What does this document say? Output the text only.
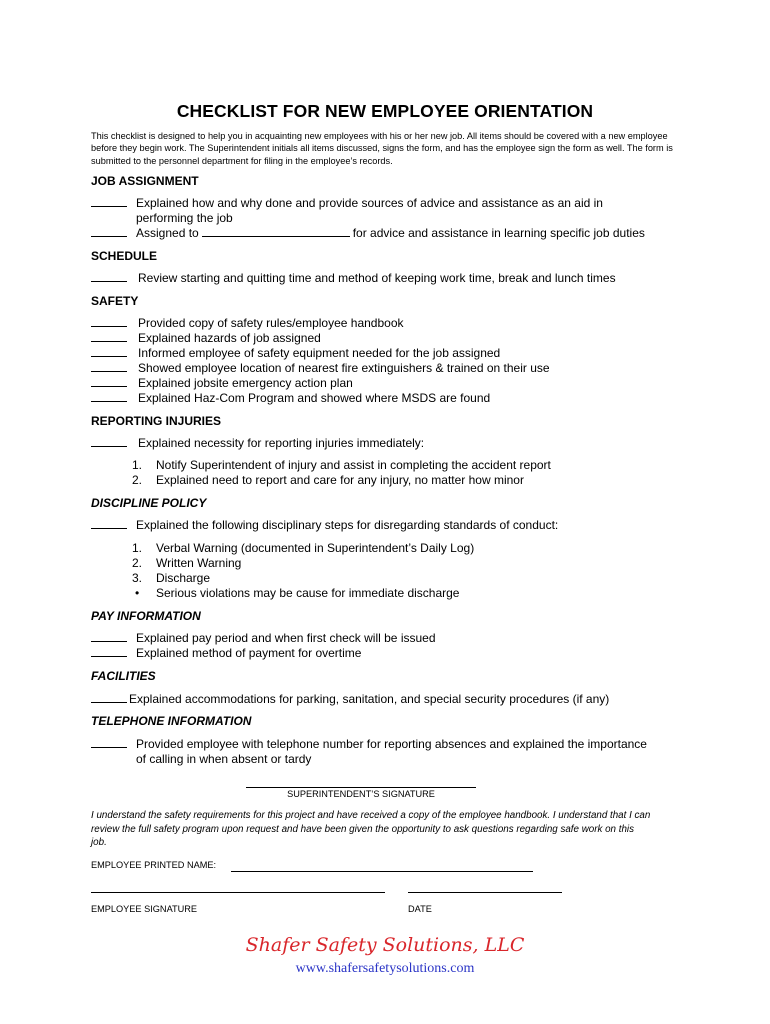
CHECKLIST FOR NEW EMPLOYEE ORIENTATION
This checklist is designed to help you in acquainting new employees with his or her new job. All items should be covered with a new employee before they begin work. The Superintendent initials all items discussed, signs the form, and has the employee sign the form as well. The form is submitted to the personnel department for filing in the employee’s records.
JOB ASSIGNMENT
Explained how and why done and provide sources of advice and assistance as an aid in
performing the job
Assigned to	for advice and assistance in learning specific job duties
SCHEDULE
Review starting and quitting time and method of keeping work time, break and lunch times
SAFETY
Provided copy of safety rules/employee handbook
Explained hazards of job assigned
Informed employee of safety equipment needed for the job assigned
Showed employee location of nearest fire extinguishers & trained on their use
Explained jobsite emergency action plan
Explained Haz-Com Program and showed where MSDS are found
REPORTING INJURIES
Explained necessity for reporting injuries immediately:
1. Notify Superintendent of injury and assist in completing the accident report
2. Explained need to report and care for any injury, no matter how minor
DISCIPLINE POLICY
Explained the following disciplinary steps for disregarding standards of conduct:
1. Verbal Warning (documented in Superintendent’s Daily Log)
2. Written Warning
3. Discharge
• Serious violations may be cause for immediate discharge
PAY INFORMATION
Explained pay period and when first check will be issued
Explained method of payment for overtime
FACILITIES
Explained accommodations for parking, sanitation, and special security procedures (if any)
TELEPHONE INFORMATION
Provided employee with telephone number for reporting absences and explained the importance
of calling in when absent or tardy
SUPERINTENDENT’S SIGNATURE
I understand the safety requirements for this project and have received a copy of the employee handbook. I understand that I can review the full safety program upon request and have been given the opportunity to ask questions regarding safe work on this job.
EMPLOYEE PRINTED NAME:
EMPLOYEE SIGNATURE	DATE
Shafer Safety Solutions, LLC
www.shafersafetysolutions.com
